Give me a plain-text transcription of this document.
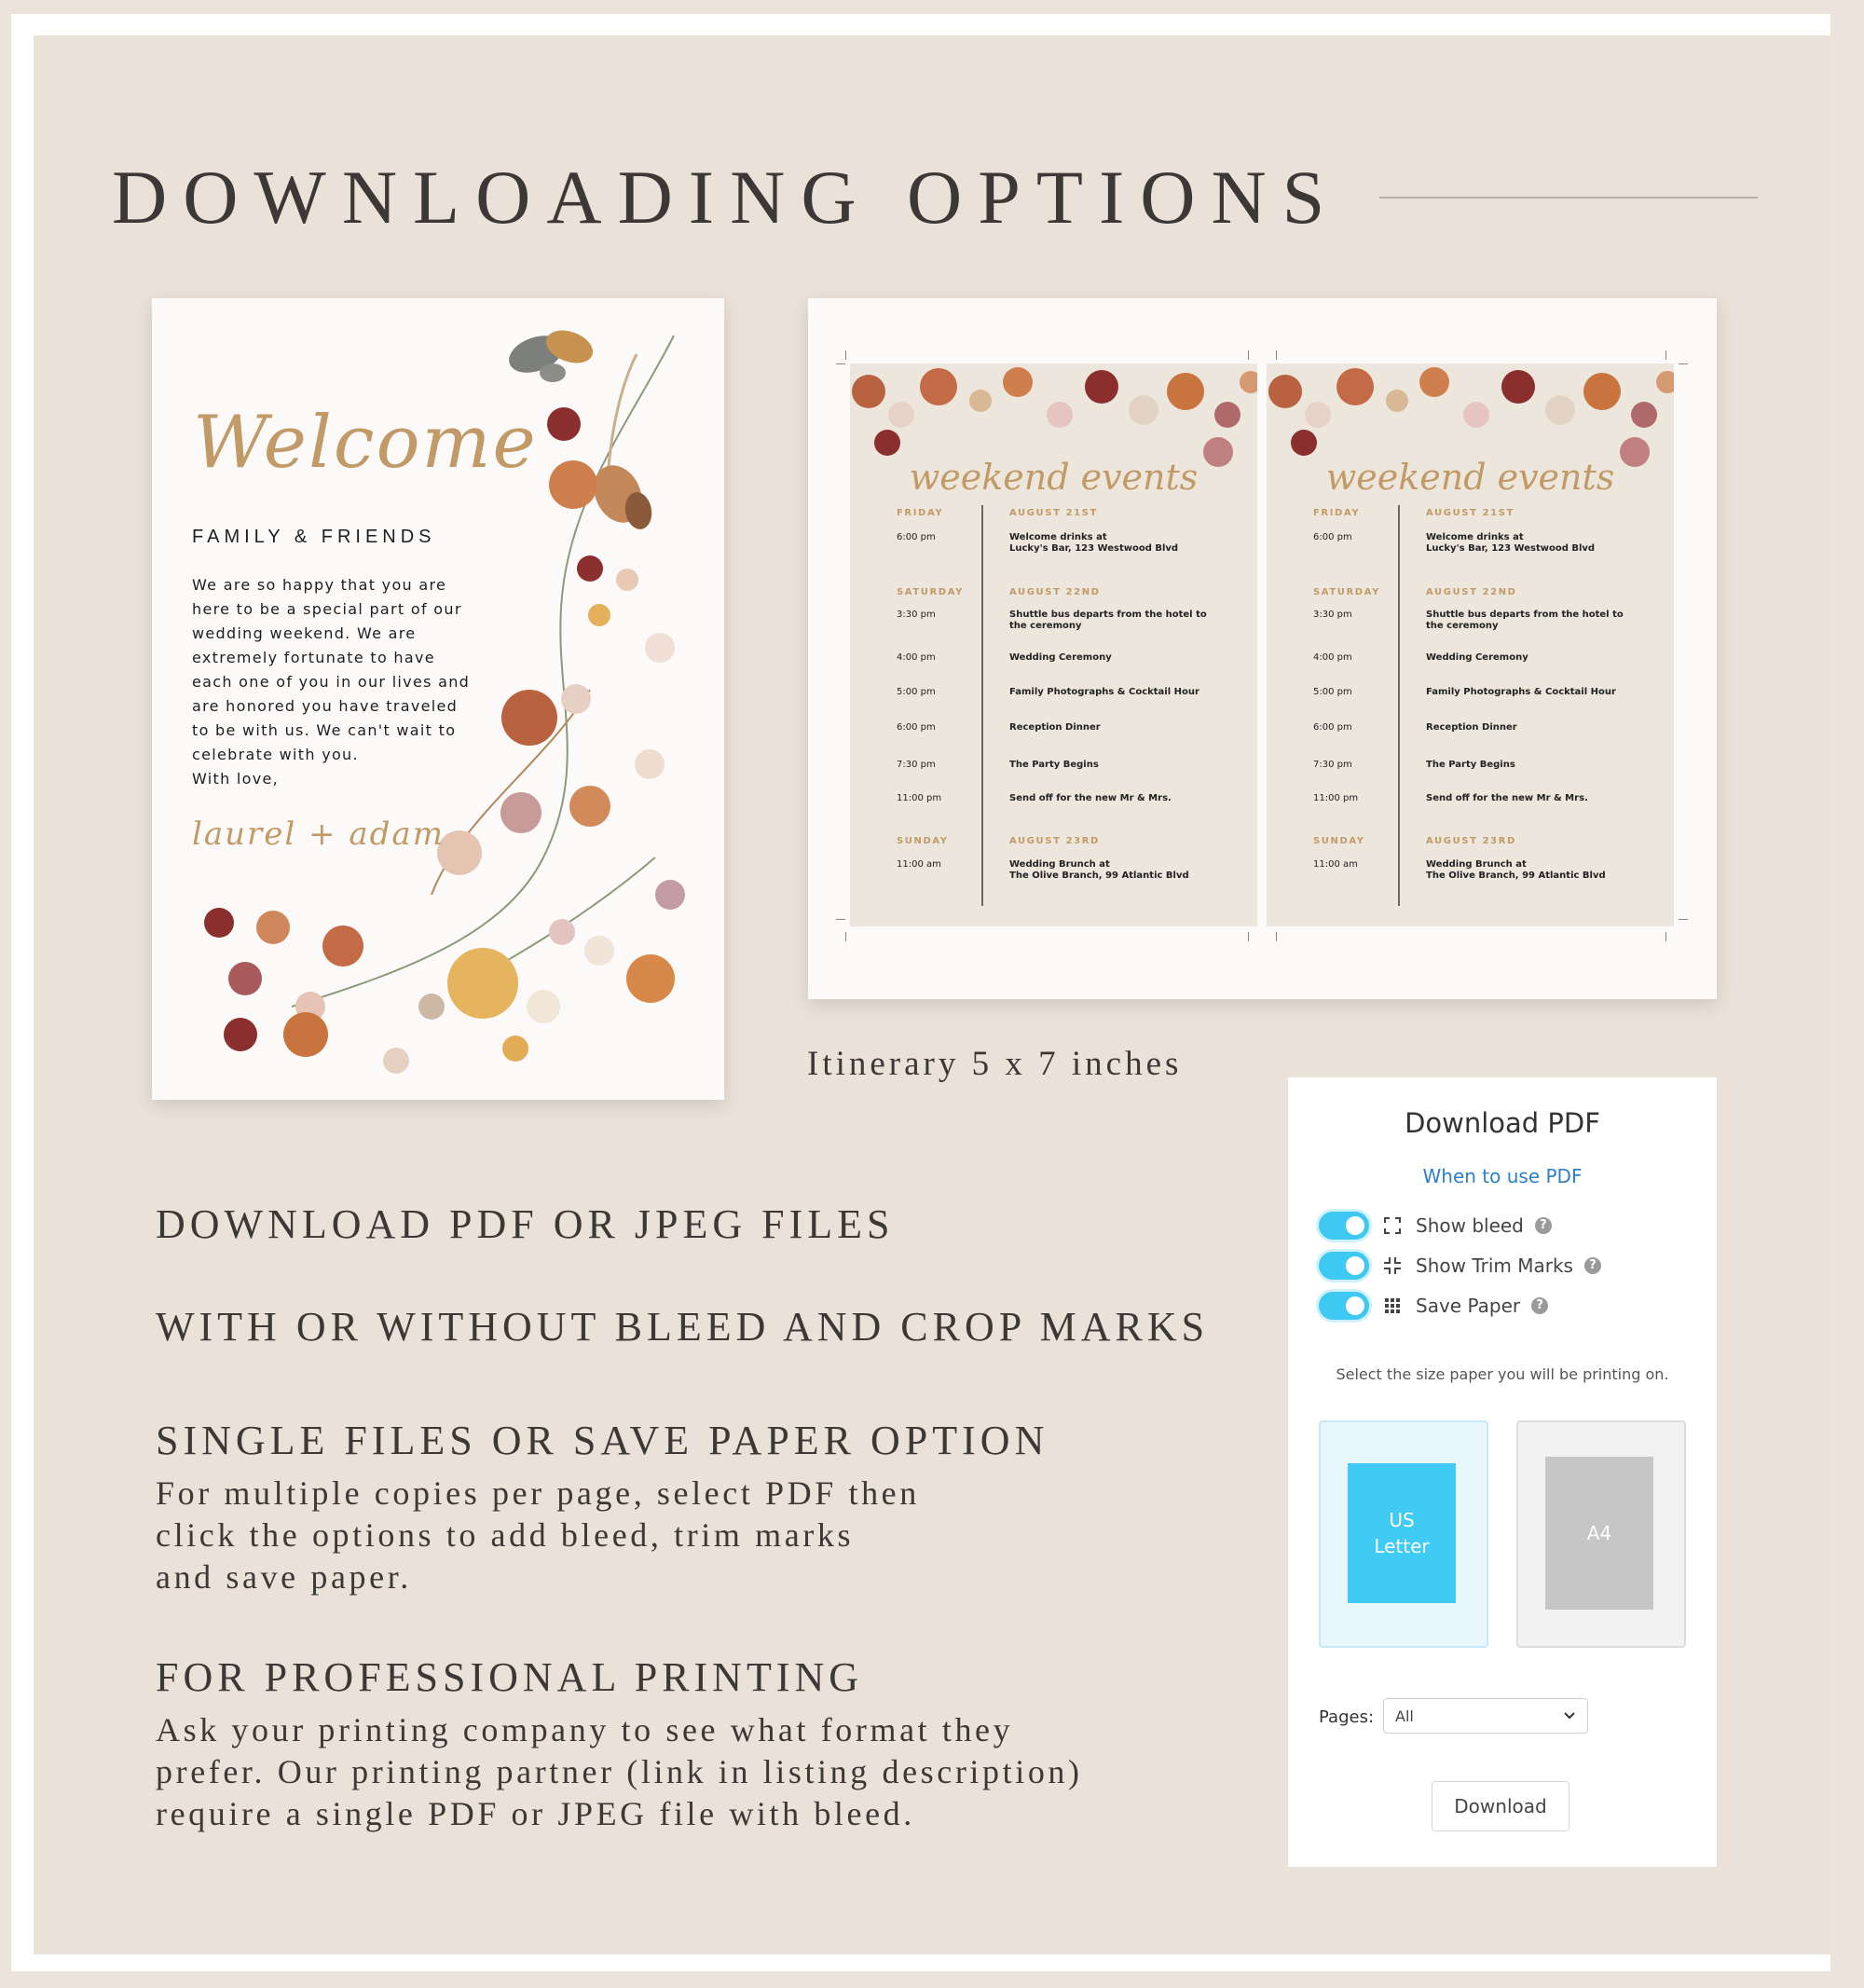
DOWNLOADING OPTIONS
Welcome
FAMILY & FRIENDS

We are so happy that you are
here to be a special part of our
wedding weekend. We are
extremely fortunate to have
each one of you in our lives and
are honored you have traveled
to be with us. We can't wait to
celebrate with you.
With love,

laurel + adam
weekend events
FRIDAY	AUGUST 21ST
6:00 pm	Welcome drinks at
Lucky's Bar, 123 Westwood Blvd
SATURDAY	AUGUST 22ND
3:30 pm	Shuttle bus departs from the hotel to
the ceremony
4:00 pm	Wedding Ceremony
5:00 pm	Family Photographs & Cocktail Hour
6:00 pm	Reception Dinner
7:30 pm	The Party Begins
11:00 pm	Send off for the new Mr & Mrs.
SUNDAY	AUGUST 23RD
11:00 am	Wedding Brunch at
The Olive Branch, 99 Atlantic Blvd
weekend events
FRIDAY	AUGUST 21ST
6:00 pm	Welcome drinks at
Lucky's Bar, 123 Westwood Blvd
SATURDAY	AUGUST 22ND
3:30 pm	Shuttle bus departs from the hotel to
the ceremony
4:00 pm	Wedding Ceremony
5:00 pm	Family Photographs & Cocktail Hour
6:00 pm	Reception Dinner
7:30 pm	The Party Begins
11:00 pm	Send off for the new Mr & Mrs.
SUNDAY	AUGUST 23RD
11:00 am	Wedding Brunch at
The Olive Branch, 99 Atlantic Blvd
Itinerary 5 x 7 inches
DOWNLOAD PDF OR JPEG FILES
WITH OR WITHOUT BLEED AND CROP MARKS
SINGLE FILES OR SAVE PAPER OPTION

For multiple copies per page, select PDF then
click the options to add bleed, trim marks
and save paper.

FOR PROFESSIONAL PRINTING

Ask your printing company to see what format they
prefer. Our printing partner (link in listing description)
require a single PDF or JPEG file with bleed.

Download PDF
When to use PDF
Show bleed	?
Show Trim Marks	?
Save Paper	?
Select the size paper you will be printing on.
US
Letter
A4
Pages: All
Download
